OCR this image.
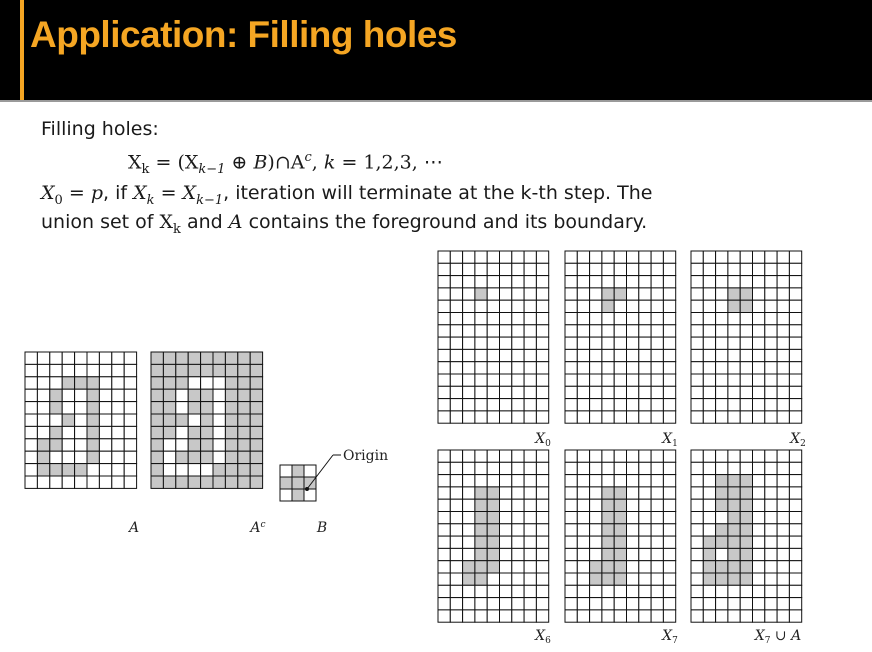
Application: Filling holes
Filling holes:
$X_k = (X_{k-1}$ ⊕ $B)\cap A^c$, k = 1,2,3, ⋯
$X_0 = p$, if $X_k = X_{k-1}$, iteration will terminate at the k-th step. The
union set of $X_k$ and A contains the foreground and its boundary.
A	$A^c$	B
$X_0$	$X_1$	$X_2$
$X_6$	$X_7$	$X_7$ ∪ A
Origin
